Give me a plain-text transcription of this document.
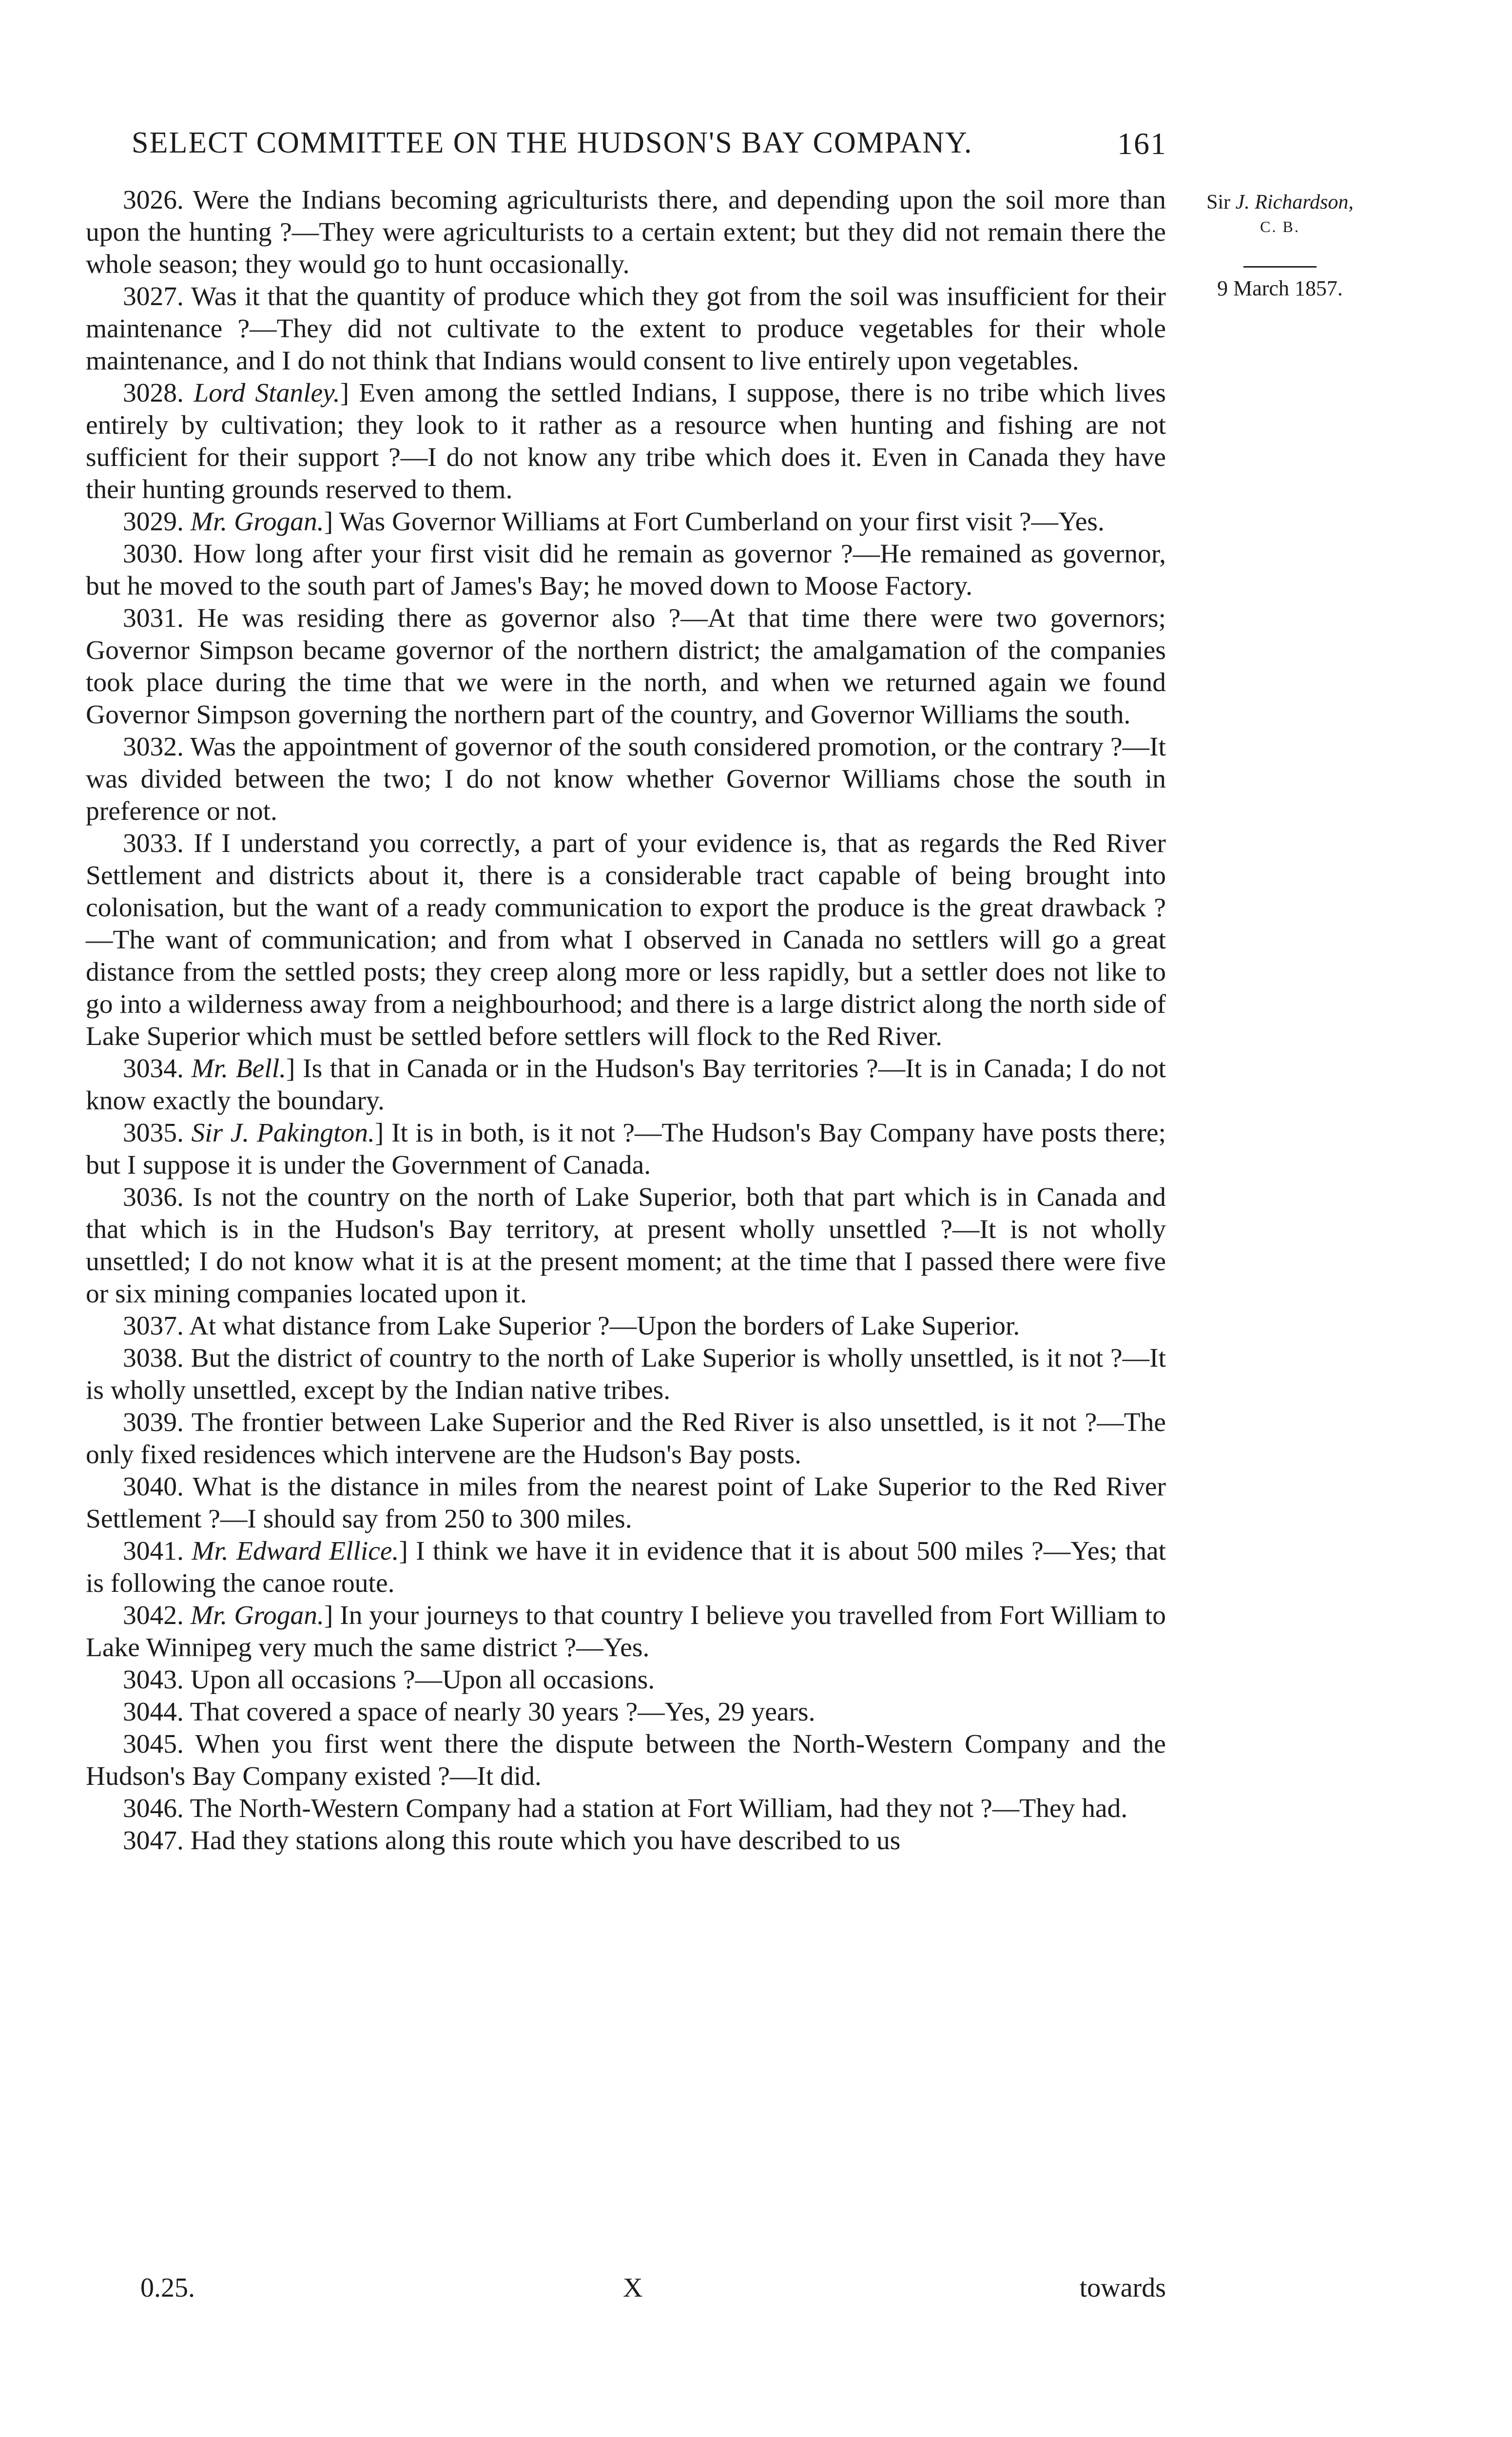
SELECT COMMITTEE ON THE HUDSON'S BAY COMPANY.	161
Sir J. Richardson,
C. B.
9 March 1857.

3026. Were the Indians becoming agriculturists there, and depending upon the soil more than upon the hunting ?—They were agriculturists to a certain extent; but they did not remain there the whole season; they would go to hunt occasionally.

3027. Was it that the quantity of produce which they got from the soil was insufficient for their maintenance ?—They did not cultivate to the extent to produce vegetables for their whole maintenance, and I do not think that Indians would consent to live entirely upon vegetables.

3028. Lord Stanley.] Even among the settled Indians, I suppose, there is no tribe which lives entirely by cultivation; they look to it rather as a resource when hunting and fishing are not sufficient for their support ?—I do not know any tribe which does it. Even in Canada they have their hunting grounds reserved to them.

3029. Mr. Grogan.] Was Governor Williams at Fort Cumberland on your first visit ?—Yes.

3030. How long after your first visit did he remain as governor ?—He remained as governor, but he moved to the south part of James's Bay; he moved down to Moose Factory.

3031. He was residing there as governor also ?—At that time there were two governors; Governor Simpson became governor of the northern district; the amalgamation of the companies took place during the time that we were in the north, and when we returned again we found Governor Simpson governing the northern part of the country, and Governor Williams the south.

3032. Was the appointment of governor of the south considered promotion, or the contrary ?—It was divided between the two; I do not know whether Governor Williams chose the south in preference or not.

3033. If I understand you correctly, a part of your evidence is, that as regards the Red River Settlement and districts about it, there is a considerable tract capable of being brought into colonisation, but the want of a ready communication to export the produce is the great drawback ?—The want of communication; and from what I observed in Canada no settlers will go a great distance from the settled posts; they creep along more or less rapidly, but a settler does not like to go into a wilderness away from a neighbourhood; and there is a large district along the north side of Lake Superior which must be settled before settlers will flock to the Red River.

3034. Mr. Bell.] Is that in Canada or in the Hudson's Bay territories ?—It is in Canada; I do not know exactly the boundary.

3035. Sir J. Pakington.] It is in both, is it not ?—The Hudson's Bay Company have posts there; but I suppose it is under the Government of Canada.

3036. Is not the country on the north of Lake Superior, both that part which is in Canada and that which is in the Hudson's Bay territory, at present wholly unsettled ?—It is not wholly unsettled; I do not know what it is at the present moment; at the time that I passed there were five or six mining companies located upon it.

3037. At what distance from Lake Superior ?—Upon the borders of Lake Superior.

3038. But the district of country to the north of Lake Superior is wholly unsettled, is it not ?—It is wholly unsettled, except by the Indian native tribes.

3039. The frontier between Lake Superior and the Red River is also unsettled, is it not ?—The only fixed residences which intervene are the Hudson's Bay posts.

3040. What is the distance in miles from the nearest point of Lake Superior to the Red River Settlement ?—I should say from 250 to 300 miles.

3041. Mr. Edward Ellice.] I think we have it in evidence that it is about 500 miles ?—Yes; that is following the canoe route.

3042. Mr. Grogan.] In your journeys to that country I believe you travelled from Fort William to Lake Winnipeg very much the same district ?—Yes.

3043. Upon all occasions ?—Upon all occasions.

3044. That covered a space of nearly 30 years ?—Yes, 29 years.

3045. When you first went there the dispute between the North-Western Company and the Hudson's Bay Company existed ?—It did.

3046. The North-Western Company had a station at Fort William, had they not ?—They had.

3047. Had they stations along this route which you have described to us

0.25.	X	towards
